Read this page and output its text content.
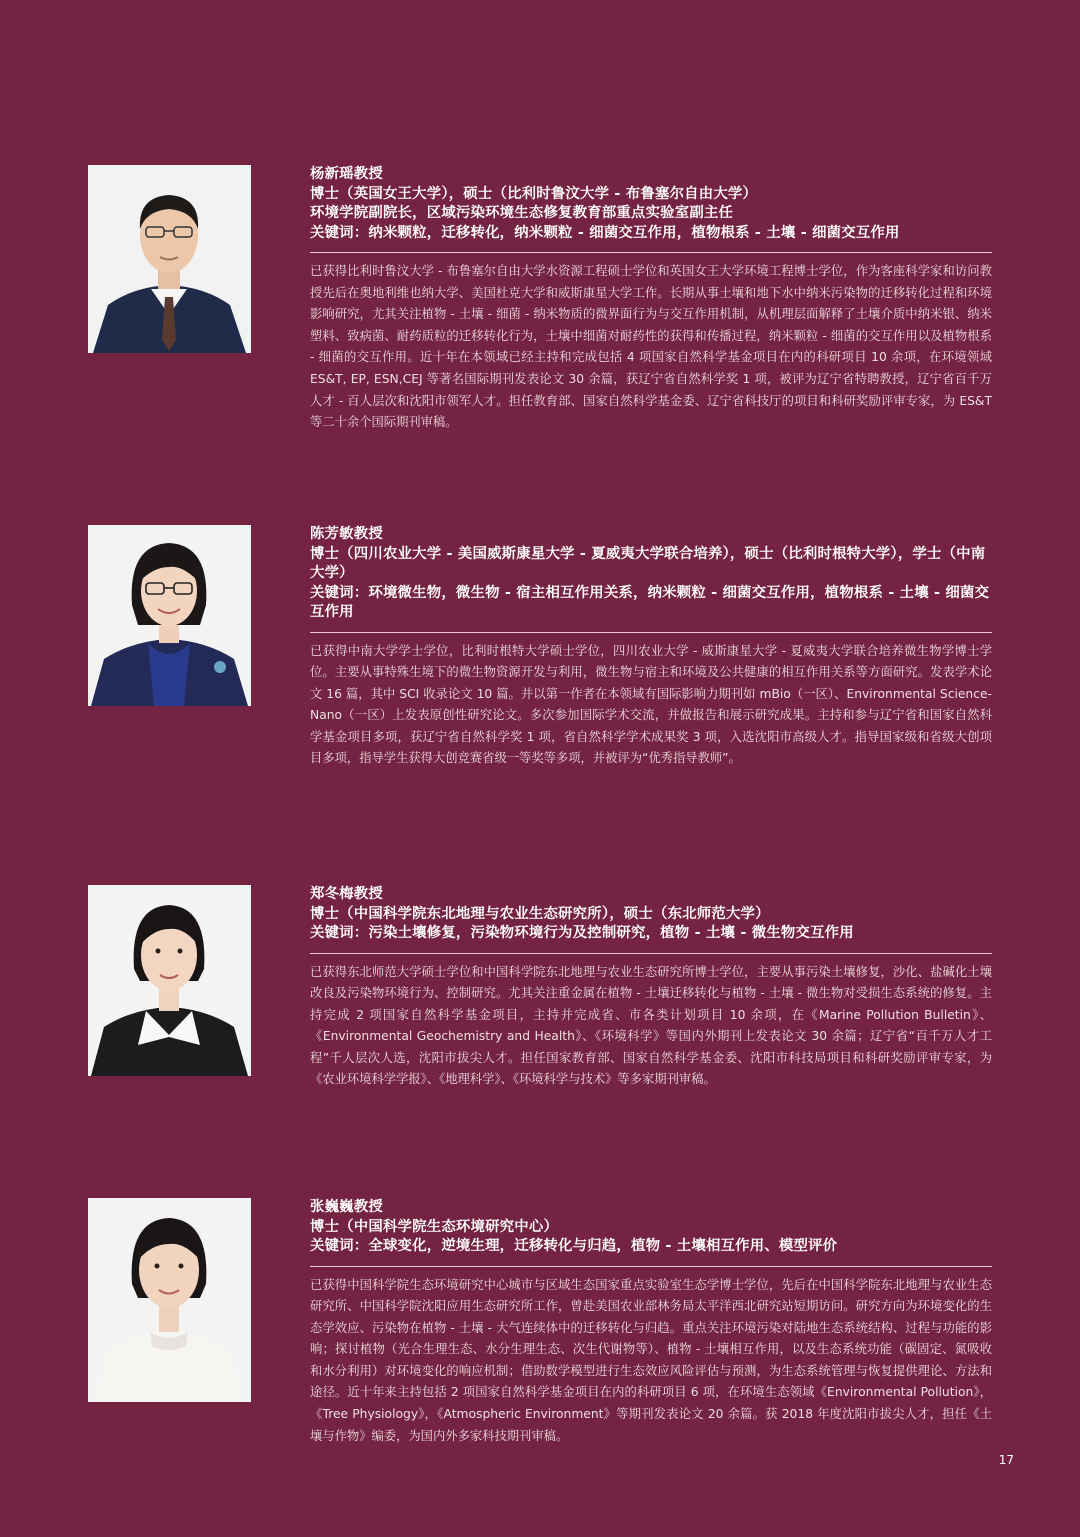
杨新瑶教授

博士（英国女王大学），硕士（比利时鲁汶大学 - 布鲁塞尔自由大学）

环境学院副院长，区域污染环境生态修复教育部重点实验室副主任

关键词：纳米颗粒，迁移转化，纳米颗粒 - 细菌交互作用，植物根系 - 土壤 - 细菌交互作用

已获得比利时鲁汶大学 - 布鲁塞尔自由大学水资源工程硕士学位和英国女王大学环境工程博士学位，作为客座科学家和访问教授先后在奥地利维也纳大学、美国杜克大学和威斯康星大学工作。长期从事土壤和地下水中纳米污染物的迁移转化过程和环境影响研究，尤其关注植物 - 土壤 - 细菌 - 纳米物质的微界面行为与交互作用机制，从机理层面解释了土壤介质中纳米银、纳米塑料、致病菌、耐药质粒的迁移转化行为，土壤中细菌对耐药性的获得和传播过程，纳米颗粒 - 细菌的交互作用以及植物根系 - 细菌的交互作用。近十年在本领域已经主持和完成包括 4 项国家自然科学基金项目在内的科研项目 10 余项，在环境领域 ES&T, EP, ESN,CEJ 等著名国际期刊发表论文 30 余篇，获辽宁省自然科学奖 1 项，被评为辽宁省特聘教授，辽宁省百千万人才 - 百人层次和沈阳市领军人才。担任教育部、国家自然科学基金委、辽宁省科技厅的项目和科研奖励评审专家，为 ES&T 等二十余个国际期刊审稿。

陈芳敏教授

博士（四川农业大学 - 美国威斯康星大学 - 夏威夷大学联合培养），硕士（比利时根特大学），学士（中南大学）

关键词：环境微生物，微生物 - 宿主相互作用关系，纳米颗粒 - 细菌交互作用，植物根系 - 土壤 - 细菌交互作用

已获得中南大学学士学位，比利时根特大学硕士学位，四川农业大学 - 威斯康星大学 - 夏威夷大学联合培养微生物学博士学位。主要从事特殊生境下的微生物资源开发与利用，微生物与宿主和环境及公共健康的相互作用关系等方面研究。发表学术论文 16 篇，其中 SCI 收录论文 10 篇。并以第一作者在本领域有国际影响力期刊如 mBio（一区）、Environmental Science-Nano（一区）上发表原创性研究论文。多次参加国际学术交流，并做报告和展示研究成果。主持和参与辽宁省和国家自然科学基金项目多项，获辽宁省自然科学奖 1 项，省自然科学学术成果奖 3 项，入选沈阳市高级人才。指导国家级和省级大创项目多项，指导学生获得大创竞赛省级一等奖等多项，并被评为“优秀指导教师”。

郑冬梅教授

博士（中国科学院东北地理与农业生态研究所），硕士（东北师范大学）

关键词：污染土壤修复，污染物环境行为及控制研究，植物 - 土壤 - 微生物交互作用

已获得东北师范大学硕士学位和中国科学院东北地理与农业生态研究所博士学位，主要从事污染土壤修复，沙化、盐碱化土壤改良及污染物环境行为、控制研究。尤其关注重金属在植物 - 土壤迁移转化与植物 - 土壤 - 微生物对受损生态系统的修复。主持完成 2 项国家自然科学基金项目，主持并完成省、市各类计划项目 10 余项，在《Marine Pollution Bulletin》、《Environmental Geochemistry and Health》、《环境科学》等国内外期刊上发表论文 30 余篇；辽宁省“百千万人才工程”千人层次人选，沈阳市拔尖人才。担任国家教育部、国家自然科学基金委、沈阳市科技局项目和科研奖励评审专家，为《农业环境科学学报》、《地理科学》、《环境科学与技术》等多家期刊审稿。

张巍巍教授

博士（中国科学院生态环境研究中心）

关键词：全球变化，逆境生理，迁移转化与归趋，植物 - 土壤相互作用、模型评价

已获得中国科学院生态环境研究中心城市与区域生态国家重点实验室生态学博士学位，先后在中国科学院东北地理与农业生态研究所、中国科学院沈阳应用生态研究所工作，曾赴美国农业部林务局太平洋西北研究站短期访问。研究方向为环境变化的生态学效应、污染物在植物 - 土壤 - 大气连续体中的迁移转化与归趋。重点关注环境污染对陆地生态系统结构、过程与功能的影响；探讨植物（光合生理生态、水分生理生态、次生代谢物等）、植物 - 土壤相互作用，以及生态系统功能（碳固定、氮吸收和水分利用）对环境变化的响应机制；借助数学模型进行生态效应风险评估与预测，为生态系统管理与恢复提供理论、方法和途径。近十年来主持包括 2 项国家自然科学基金项目在内的科研项目 6 项，在环境生态领域《Environmental Pollution》，《Tree Physiology》，《Atmospheric Environment》等期刊发表论文 20 余篇。获 2018 年度沈阳市拔尖人才，担任《土壤与作物》编委，为国内外多家科技期刊审稿。

17
